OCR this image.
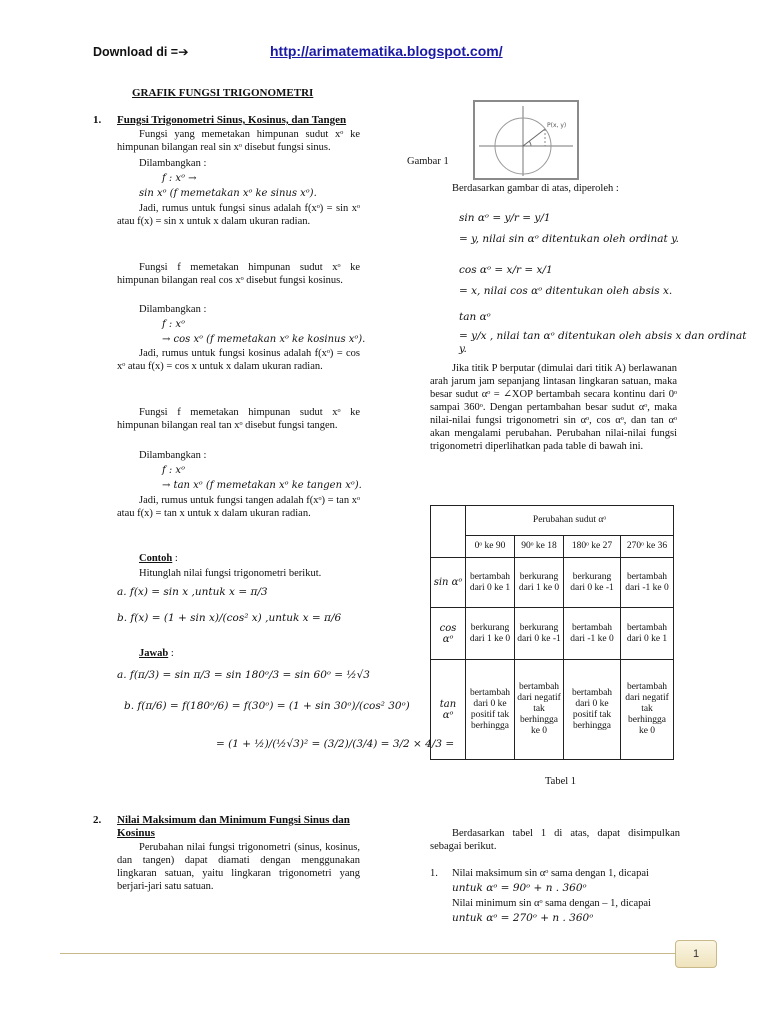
Download di =➔	http://arimatematika.blogspot.com/
GRAFIK FUNGSI TRIGONOMETRI
1. Fungsi Trigonometri Sinus, Kosinus, dan Tangen
Fungsi yang memetakan himpunan sudut xᵒ ke himpunan bilangan real sin xᵒ disebut fungsi sinus.
Dilambangkan :
f : xᵒ →
sin xᵒ (f memetakan xᵒ ke sinus xᵒ).
Jadi, rumus untuk fungsi sinus adalah f(xᵒ) = sin xᵒ atau f(x) = sin x untuk x dalam ukuran radian.
Fungsi f memetakan himpunan sudut xᵒ ke himpunan bilangan real cos xᵒ disebut fungsi kosinus.
Dilambangkan :
f : xᵒ
→ cos xᵒ (f memetakan xᵒ ke kosinus xᵒ).
Jadi, rumus untuk fungsi kosinus adalah f(xᵒ) = cos xᵒ atau f(x) = cos x untuk x dalam ukuran radian.
Fungsi f memetakan himpunan sudut xᵒ ke himpunan bilangan real tan xᵒ disebut fungsi tangen.
Dilambangkan :
f : xᵒ
→ tan xᵒ (f memetakan xᵒ ke tangen xᵒ).
Jadi, rumus untuk fungsi tangen adalah f(xᵒ) = tan xᵒ atau f(x) = tan x untuk x dalam ukuran radian.
Contoh :
Hitunglah nilai fungsi trigonometri berikut.
a. f(x) = sin x ,untuk x = π/3
b. f(x) = (1 + sin x)/(cos² x) ,untuk x = π/6
Jawab :
a. f(π/3) = sin π/3 = sin 180ᵒ/3 = sin 60ᵒ = ½√3
b. f(π/6) = f(180ᵒ/6) = f(30ᵒ) = (1 + sin 30ᵒ)/(cos² 30ᵒ)
= (1 + ½)/(½√3)² = (3/2)/(3/4) = 3/2 × 4/3 =
2. Nilai Maksimum dan Minimum Fungsi Sinus dan Kosinus
Perubahan nilai fungsi trigonometri (sinus, kosinus, dan tangen) dapat diamati dengan menggunakan lingkaran satuan, yaitu lingkaran trigonometri yang berjari-jari satu satuan.
P(x, y)
Gambar 1
Berdasarkan gambar di atas, diperoleh :
sin αᵒ = y/r = y/1
= y, nilai sin αᵒ ditentukan oleh ordinat y.
cos αᵒ = x/r = x/1
= x, nilai cos αᵒ ditentukan oleh absis x.
tan αᵒ
= y/x , nilai tan αᵒ ditentukan oleh absis x dan ordinat y.
Jika titik P berputar (dimulai dari titik A) berlawanan arah jarum jam sepanjang lintasan lingkaran satuan, maka besar sudut αᵒ = ∠XOP bertambah secara kontinu dari 0ᵒ sampai 360ᵒ. Dengan pertambahan besar sudut αᵒ, maka nilai-nilai fungsi trigonometri sin αᵒ, cos αᵒ, dan tan αᵒ akan mengalami perubahan. Perubahan nilai-nilai fungsi trigonometri diperlihatkan pada table di bawah ini.
	Perubahan sudut αᵒ			
	0ᵒ ke 90	90ᵒ ke 18	180ᵒ ke 27	270ᵒ ke 36
sin αᵒ	bertambah dari 0 ke 1	berkurang dari 1 ke 0	berkurang dari 0 ke -1	bertambah dari -1 ke 0
cos αᵒ	berkurang dari 1 ke 0	berkurang dari 0 ke -1	bertambah dari -1 ke 0	bertambah dari 0 ke 1
tan αᵒ	bertambah dari 0 ke positif tak berhingga	bertambah dari negatif tak berhingga ke 0	bertambah dari 0 ke positif tak berhingga	bertambah dari negatif tak berhingga ke 0
Tabel 1
Berdasarkan tabel 1 di atas, dapat disimpulkan sebagai berikut.
1. Nilai maksimum sin αᵒ sama dengan 1, dicapai
untuk αᵒ = 90ᵒ + n . 360ᵒ
Nilai minimum sin αᵒ sama dengan – 1, dicapai
untuk αᵒ = 270ᵒ + n . 360ᵒ
1
